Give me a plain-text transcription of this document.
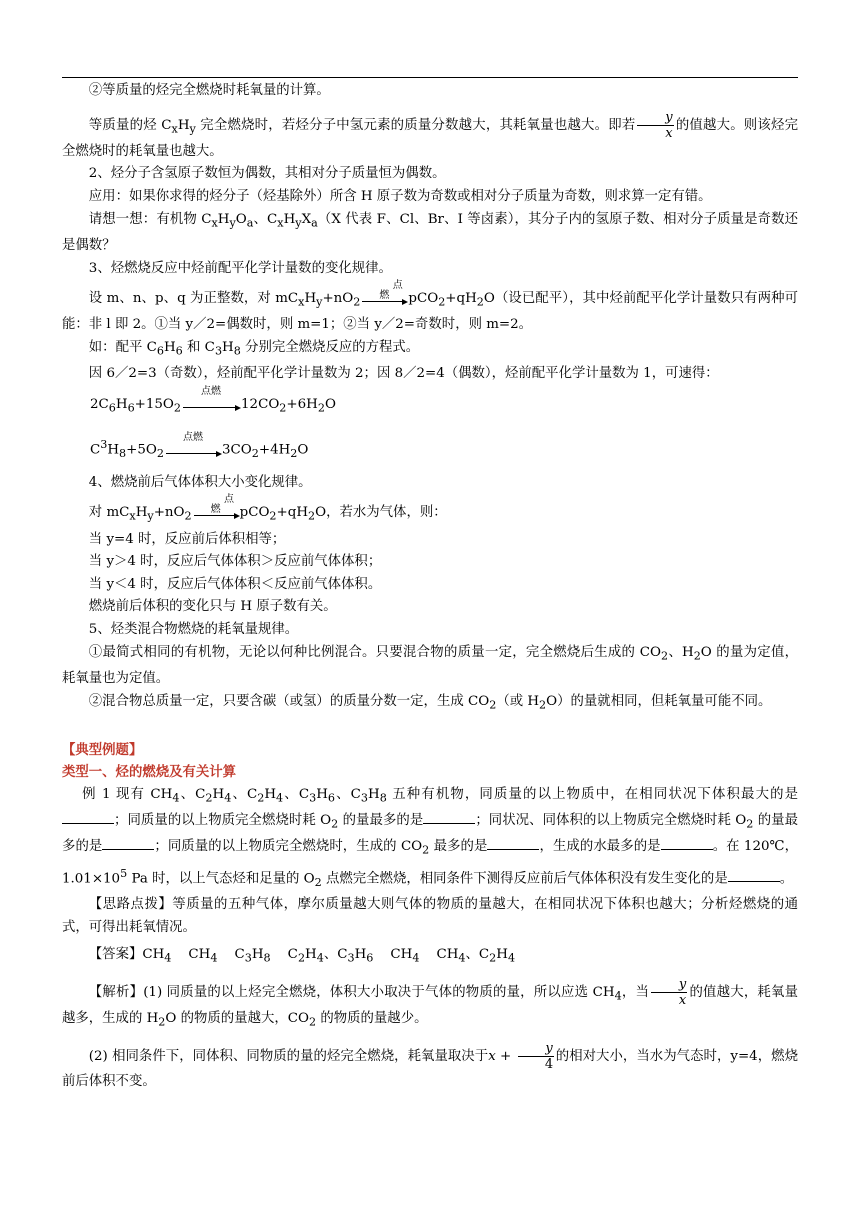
②等质量的烃完全燃烧时耗氧量的计算。

等质量的烃 $C_xH_y$ 完全燃烧时，若烃分子中氢元素的质量分数越大，其耗氧量也越大。即若 $\frac{y}{x}$ 的值越大。则该烃完全燃烧时的耗氧量也越大。

2、烃分子含氢原子数恒为偶数，其相对分子质量恒为偶数。

应用：如果你求得的烃分子（烃基除外）所含 H 原子数为奇数或相对分子质量为奇数，则求算一定有错。

请想一想：有机物 $C_xH_yO_a$、$C_xH_yX_a(X$ 代表 F、Cl、Br、I 等卤素），其分子内的氢原子数、相对分子质量是奇数还是偶数？

3、烃燃烧反应中烃前配平化学计量数的变化规律。

设 m、n、p、q 为正整数，对 $mC_xH_y+nO_2$
点燃	$pCO_2+qH_2O$（设已配平），其中烃前配平化学计量数只有两种可能：非 l 即 2。①当 y／2=偶数时，则 m=1；②当 y／2=奇数时，则 m=2。

如：配平 $C_6H_6$ 和 $C_3H_8$ 分别完全燃烧反应的方程式。

因 6／2=3（奇数），烃前配平化学计量数为 2；因 8／2=4（偶数），烃前配平化学计量数为 1，可速得：

$2C_6H_6+15O_2$
点燃
$12CO_2+6H_2O$

$C^3H_8+5O_2$
点燃
$3CO_2+4H_2O$

4、燃烧前后气体体积大小变化规律。

对 $mC_xH_y+nO_2$
点燃	$pCO_2+qH_2O$，若水为气体，则：

当 y=4 时，反应前后体积相等；

当 y＞4 时，反应后气体体积＞反应前气体体积；

当 y＜4 时，反应后气体体积＜反应前气体体积。

燃烧前后体积的变化只与 H 原子数有关。

5、烃类混合物燃烧的耗氧量规律。

①最简式相同的有机物，无论以何种比例混合。只要混合物的质量一定，完全燃烧后生成的 $CO_2$、$H_2O$ 的量为定值，耗氧量也为定值。

②混合物总质量一定，只要含碳（或氢）的质量分数一定，生成 $CO_2$（或 $H_2O$）的量就相同，但耗氧量可能不同。

【典型例题】

类型一、烃的燃烧及有关计算

例 1 现有 $CH_4$、$C_2H_4$、$C_2H_4$、$C_3H_6$、$C_3H_8$ 五种有机物，同质量的以上物质中，在相同状况下体积最大的是；同质量的以上物质完全燃烧时耗 $O_2$ 的量最多的是	；同状况、同体积的以上物质完全燃烧时耗 $O_2$ 的量最多的是	；同质量的以上物质完全燃烧时，生成的 $CO_2$ 最多的是	，生成的水最多的是	。在 120℃，$1.01\times 10^5$ Pa 时，以上气态烃和足量的 $O_2$ 点燃完全燃烧，相同条件下测得反应前后气体体积没有发生变化的是	。

【思路点拨】等质量的五种气体，摩尔质量越大则气体的物质的量越大，在相同状况下体积也越大；分析烃燃烧的通式，可得出耗氧情况。

【答案】$CH_4$    $CH_4$    $C_3H_8$    $C_2H_4$、$C_3H_6$    $CH_4$    $CH_4$、$C_2H_4$

【解析】(1) 同质量的以上烃完全燃烧，体积大小取决于气体的物质的量，所以应选 $CH_4$，当 $\frac{y}{x}$ 的值越大，耗氧量越多，生成的 $H_2O$ 的物质的量越大，$CO_2$ 的物质的量越少。

(2) 相同条件下，同体积、同物质的量的烃完全燃烧，耗氧量取决于$x + \frac{y}{4}$ 的相对大小，当水为气态时，y=4，燃烧前后体积不变。
